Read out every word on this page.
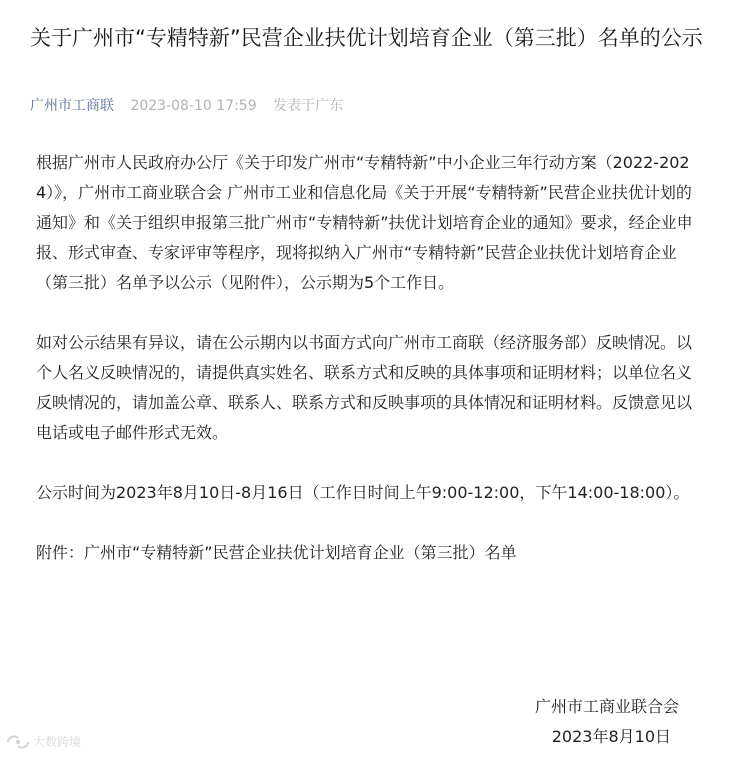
关于广州市“专精特新”民营企业扶优计划培育企业（第三批）名单的公示
广州市工商联 2023-08-10 17:59 发表于广东

根据广州市人民政府办公厅《关于印发广州市“专精特新”中小企业三年行动方案（2022-2024）》，广州市工商业联合会 广州市工业和信息化局《关于开展“专精特新”民营企业扶优计划的通知》和《关于组织申报第三批广州市“专精特新”扶优计划培育企业的通知》要求，经企业申报、形式审查、专家评审等程序，现将拟纳入广州市“专精特新”民营企业扶优计划培育企业（第三批）名单予以公示（见附件），公示期为5个工作日。

如对公示结果有异议，请在公示期内以书面方式向广州市工商联（经济服务部）反映情况。以个人名义反映情况的，请提供真实姓名、联系方式和反映的具体事项和证明材料；以单位名义反映情况的，请加盖公章、联系人、联系方式和反映事项的具体情况和证明材料。反馈意见以电话或电子邮件形式无效。

公示时间为2023年8月10日-8月16日（工作日时间上午9:00-12:00，下午14:00-18:00）。

附件：广州市“专精特新”民营企业扶优计划培育企业（第三批）名单

广州市工商业联合会
2023年8月10日
大数跨境
